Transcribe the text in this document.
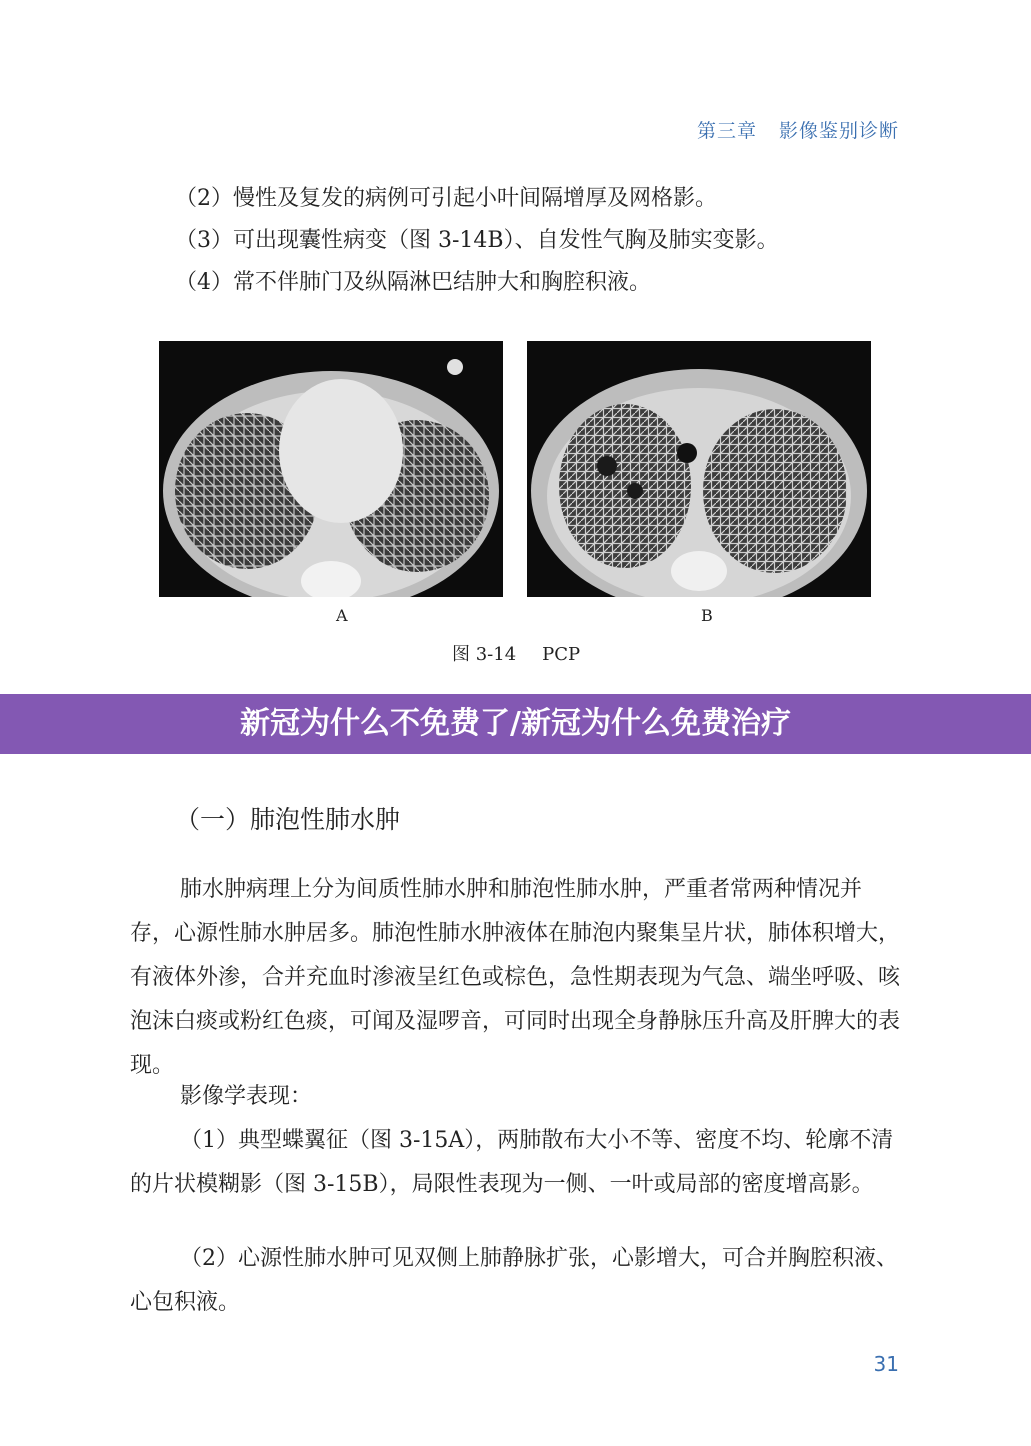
第三章 影像鉴别诊断

（2）慢性及复发的病例可引起小叶间隔增厚及网格影。

（3）可出现囊性病变（图 3-14B）、自发性气胸及肺实变影。

（4）常不伴肺门及纵隔淋巴结肿大和胸腔积液。

A	B
图 3-14 PCP
新冠为什么不免费了/新冠为什么免费治疗
（一）肺泡性肺水肿

肺水肿病理上分为间质性肺水肿和肺泡性肺水肿，严重者常两种情况并存，心源性肺水肿居多。肺泡性肺水肿液体在肺泡内聚集呈片状，肺体积增大，有液体外渗，合并充血时渗液呈红色或棕色，急性期表现为气急、端坐呼吸、咳泡沫白痰或粉红色痰，可闻及湿啰音，可同时出现全身静脉压升高及肝脾大的表现。

影像学表现：

（1）典型蝶翼征（图 3-15A），两肺散布大小不等、密度不均、轮廓不清的片状模糊影（图 3-15B），局限性表现为一侧、一叶或局部的密度增高影。

（2）心源性肺水肿可见双侧上肺静脉扩张，心影增大，可合并胸腔积液、心包积液。

31
